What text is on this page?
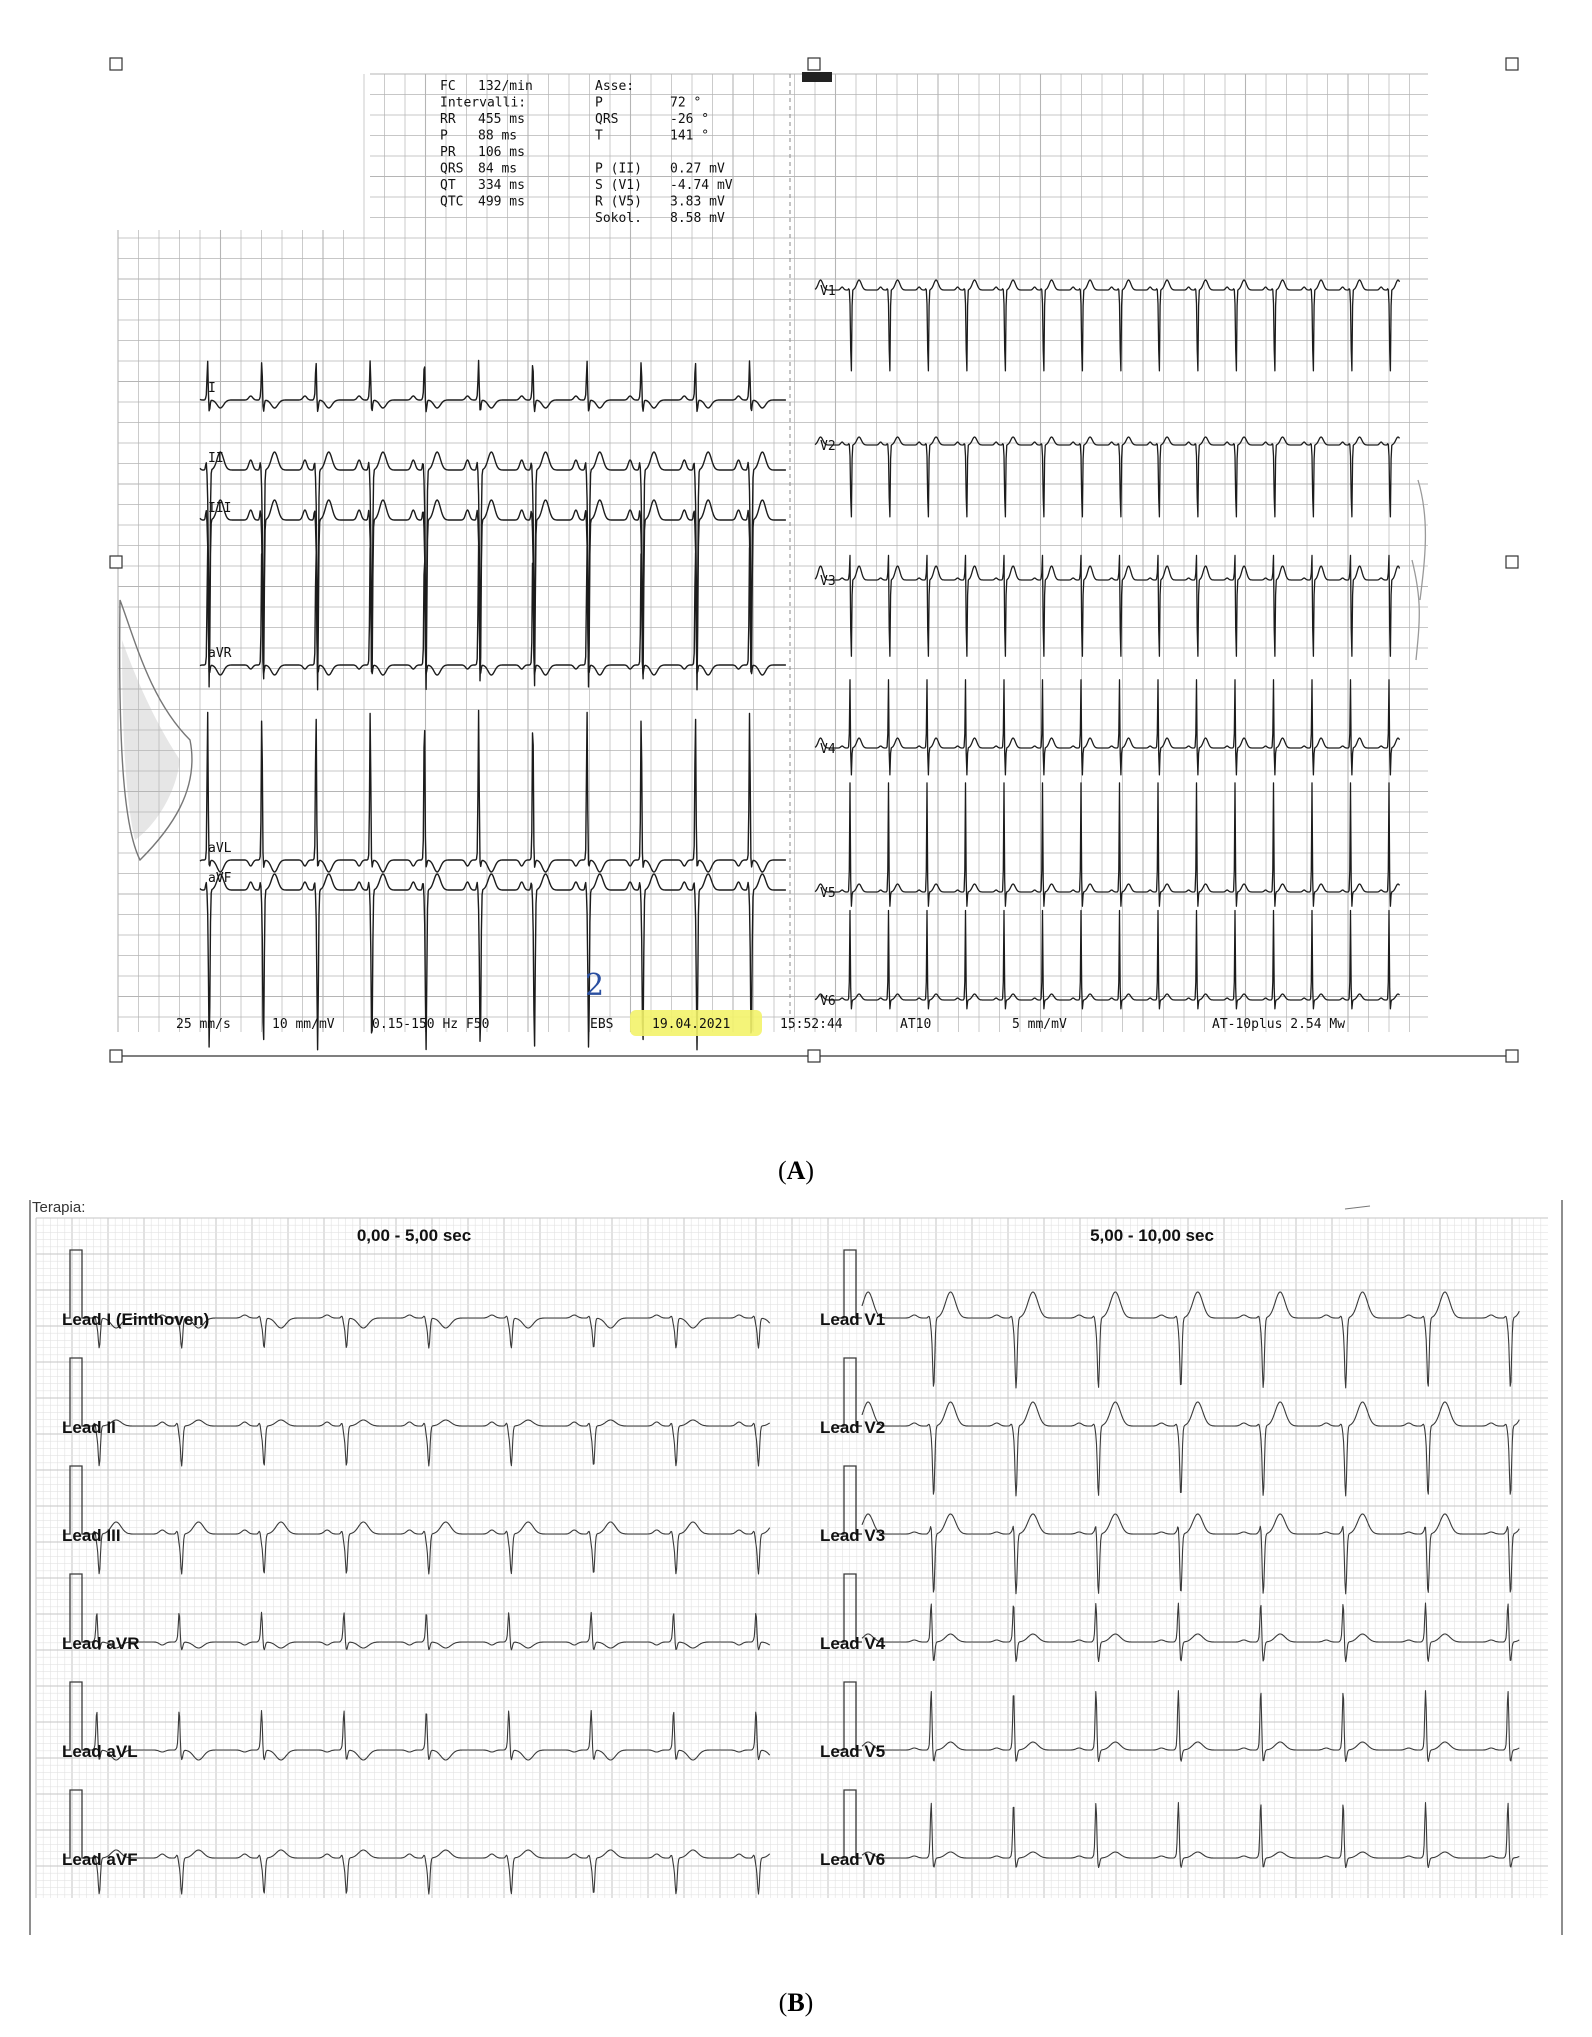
FC 132/min
Intervalli:
RR 455 ms
P 88 ms
PR 106 ms
QRS 84 ms
QT 334 ms
QTC 499 ms
Asse:
P	72 °
QRS	-26 °
T	141 °
P (II) 0.27 mV
S (V1) -4.74 mV
R (V5) 3.83 mV
Sokol. 8.58 mV
I
II
III
aVR
aVL
aVF
V1
V2
V3
V4
V5
V6
2
25 mm/s	10 mm/mV	0.15-150 Hz F50	EBS	19.04.2021	15:52:44	AT10	5 mm/mV	AT-10plus 2.54 Mw
Terapia:
0,00 - 5,00 sec	5,00 - 10,00 sec
Lead I (Einthoven)	Lead V1
Lead II	Lead V2
Lead III	Lead V3
Lead aVR	Lead V4
Lead aVL	Lead V5
Lead aVF	Lead V6
(A)
(B)
